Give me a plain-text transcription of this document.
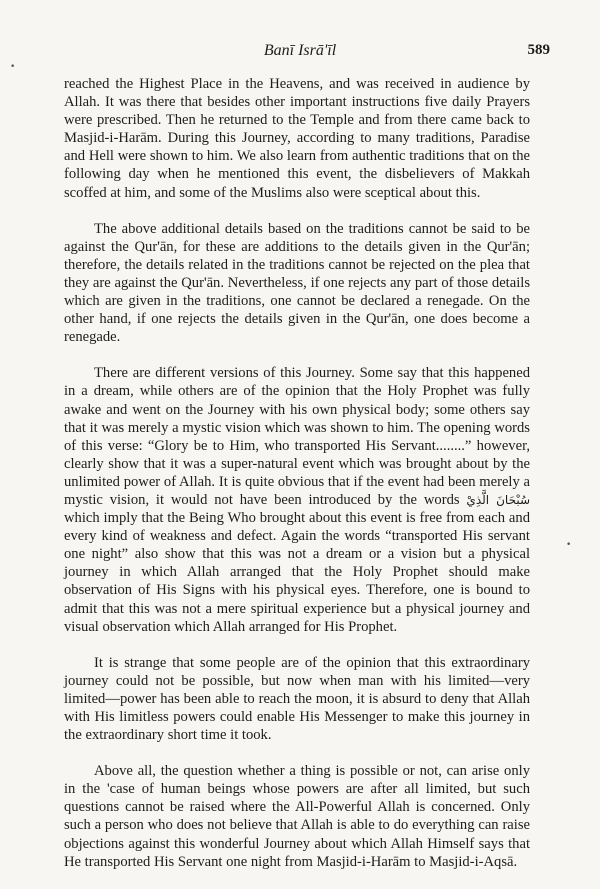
Banī Isrā'īl	589

reached the Highest Place in the Heavens, and was received in audience by Allah. It was there that besides other important instructions five daily Prayers were prescribed. Then he returned to the Temple and from there came back to Masjid-i-Harām. During this Journey, according to many traditions, Paradise and Hell were shown to him. We also learn from authentic traditions that on the following day when he mentioned this event, the disbelievers of Makkah scoffed at him, and some of the Muslims also were sceptical about this.

The above additional details based on the traditions cannot be said to be against the Qur'ān, for these are additions to the details given in the Qur'ān; therefore, the details related in the traditions cannot be rejected on the plea that they are against the Qur'ān. Nevertheless, if one rejects any part of those details which are given in the traditions, one cannot be declared a renegade. On the other hand, if one rejects the details given in the Qur'ān, one does become a renegade.

There are different versions of this Journey. Some say that this happened in a dream, while others are of the opinion that the Holy Prophet was fully awake and went on the Journey with his own physical body; some others say that it was merely a mystic vision which was shown to him. The opening words of this verse: “Glory be to Him, who transported His Servant........” however, clearly show that it was a super-natural event which was brought about by the unlimited power of Allah. It is quite obvious that if the event had been merely a mystic vision, it would not have been introduced by the words سُبْحَانَ الَّذِيْ which imply that the Being Who brought about this event is free from each and every kind of weakness and defect. Again the words “transported His servant one night” also show that this was not a dream or a vision but a physical journey in which Allah arranged that the Holy Prophet should make observation of His Signs with his physical eyes. Therefore, one is bound to admit that this was not a mere spiritual experience but a physical journey and visual observation which Allah arranged for His Prophet.

It is strange that some people are of the opinion that this extraordinary journey could not be possible, but now when man with his limited—very limited—power has been able to reach the moon, it is absurd to deny that Allah with His limitless powers could enable His Messenger to make this journey in the extraordinary short time it took.

Above all, the question whether a thing is possible or not, can arise only in the 'case of human beings whose powers are after all limited, but such questions cannot be raised where the All-Powerful Allah is concerned. Only such a person who does not believe that Allah is able to do everything can raise objections against this wonderful Journey about which Allah Himself says that He transported His Servant one night from Masjid-i-Harām to Masjid-i-Aqsā.

•
•
